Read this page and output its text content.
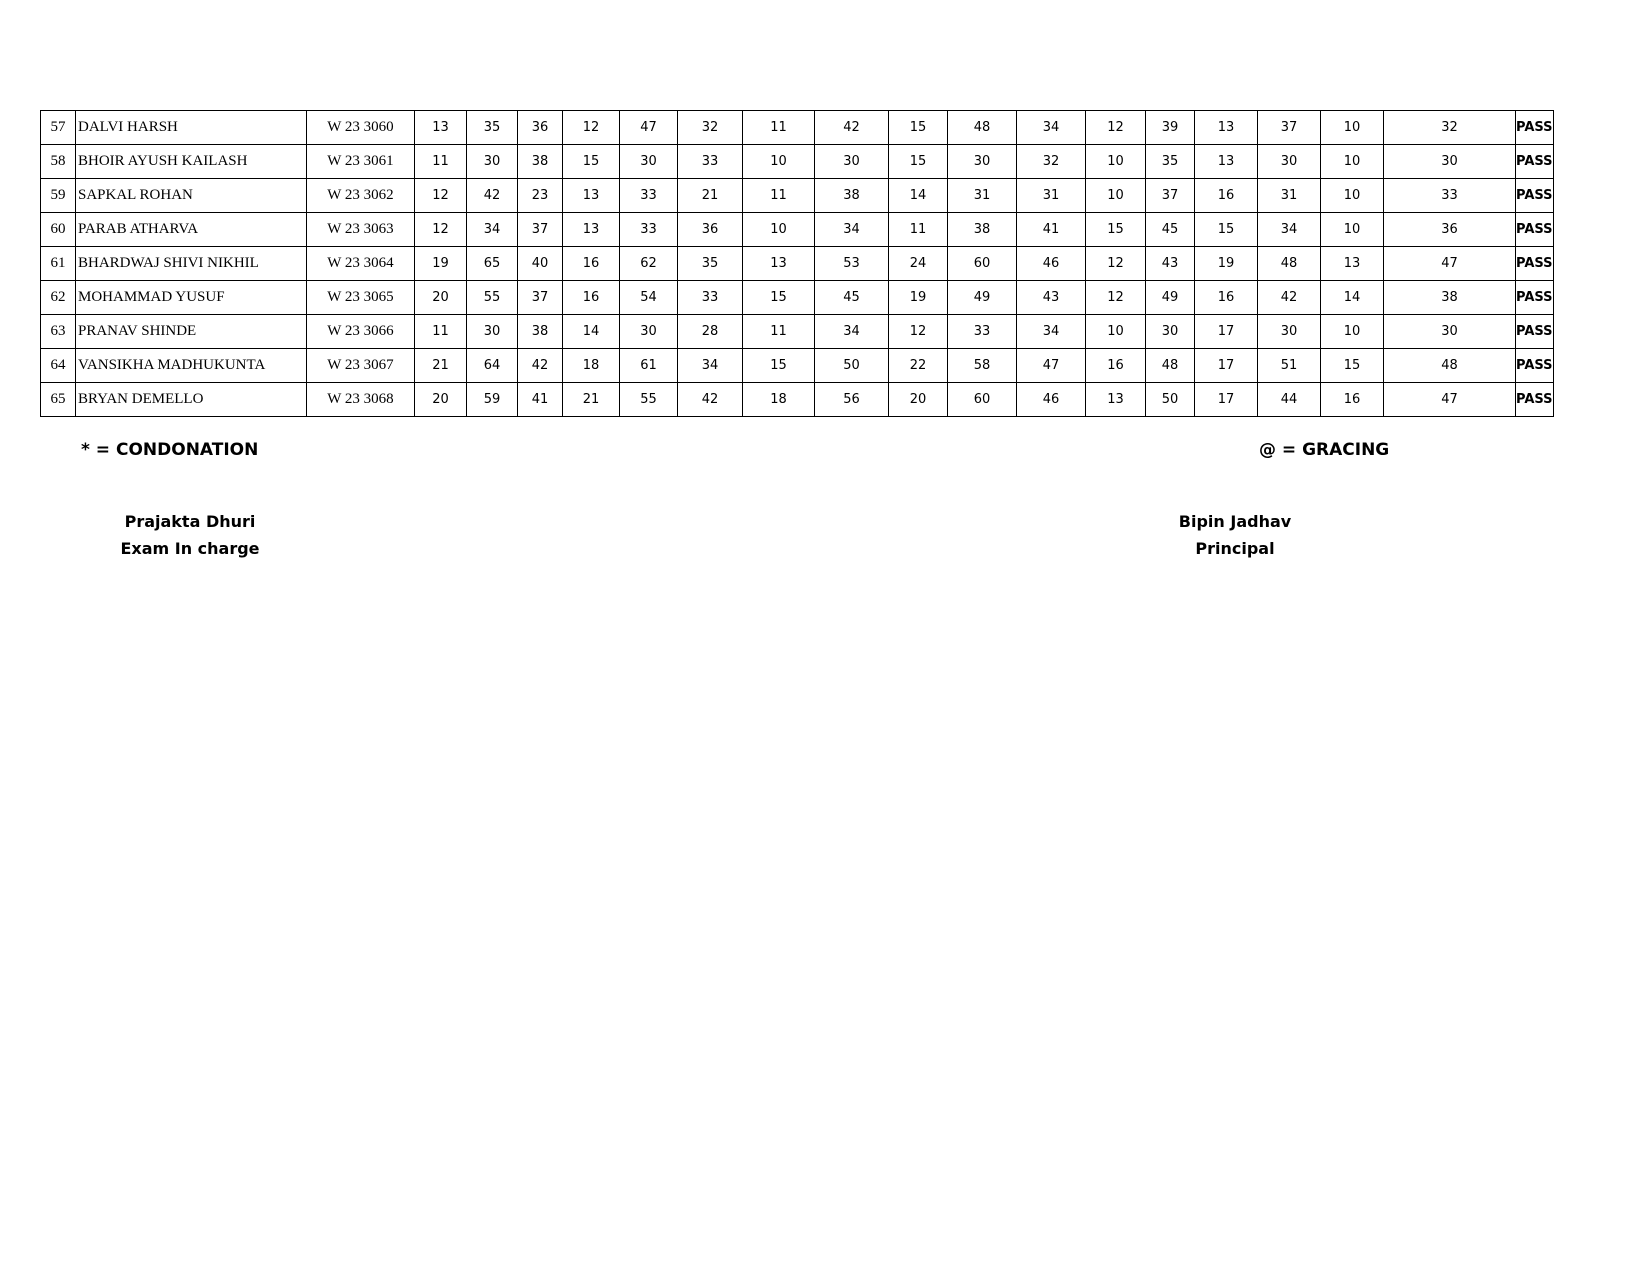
57	DALVI HARSH	W 23 3060	13	35	36	12	47	32	11	42	15	48	34	12	39	13	37	10	32	PASS
58	BHOIR AYUSH KAILASH	W 23 3061	11	30	38	15	30	33	10	30	15	30	32	10	35	13	30	10	30	PASS
59	SAPKAL ROHAN	W 23 3062	12	42	23	13	33	21	11	38	14	31	31	10	37	16	31	10	33	PASS
60	PARAB ATHARVA	W 23 3063	12	34	37	13	33	36	10	34	11	38	41	15	45	15	34	10	36	PASS
61	BHARDWAJ SHIVI NIKHIL	W 23 3064	19	65	40	16	62	35	13	53	24	60	46	12	43	19	48	13	47	PASS
62	MOHAMMAD YUSUF	W 23 3065	20	55	37	16	54	33	15	45	19	49	43	12	49	16	42	14	38	PASS
63	PRANAV SHINDE	W 23 3066	11	30	38	14	30	28	11	34	12	33	34	10	30	17	30	10	30	PASS
64	VANSIKHA MADHUKUNTA	W 23 3067	21	64	42	18	61	34	15	50	22	58	47	16	48	17	51	15	48	PASS
65	BRYAN DEMELLO	W 23 3068	20	59	41	21	55	42	18	56	20	60	46	13	50	17	44	16	47	PASS
* = CONDONATION	@ = GRACING
Prajakta Dhuri
Exam In charge
Bipin Jadhav
Principal
